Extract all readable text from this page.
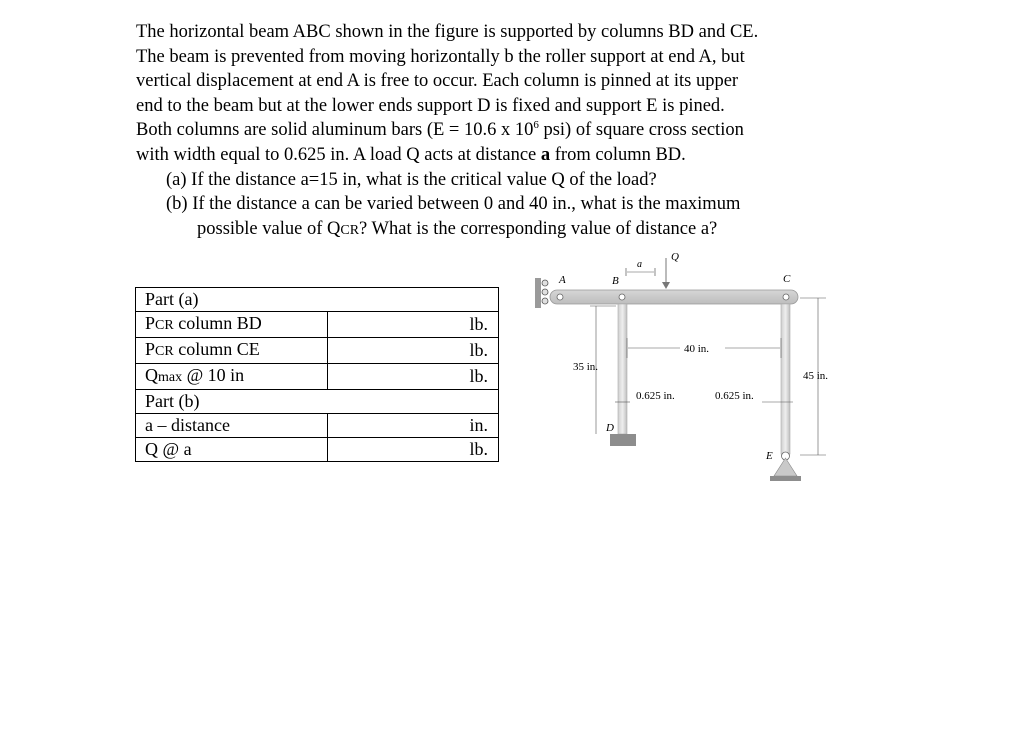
The horizontal beam ABC shown in the figure is supported by columns BD and CE.
The beam is prevented from moving horizontally b the roller support at end A, but
vertical displacement at end A is free to occur. Each column is pinned at its upper
end to the beam but at the lower ends support D is fixed and support E is pined.
Both columns are solid aluminum bars (E = 10.6 x $10^6$ psi) of square cross section
with width equal to 0.625 in. A load Q acts at distance a from column BD.
(a) If the distance a=15 in, what is the critical value Q of the load?
(b) If the distance a can be varied between 0 and 40 in., what is the maximum
possible value of QCR? What is the corresponding value of distance a?
Part (a)	
PCR column BD	lb.

PCR column CE	lb.

Qmax @ 10 in	lb.

Part (b)	
a – distance	in.

Q @ a	lb.
A	B	C
D
E
a
Q
40 in.
35 in.
45 in.
0.625 in.	0.625 in.
